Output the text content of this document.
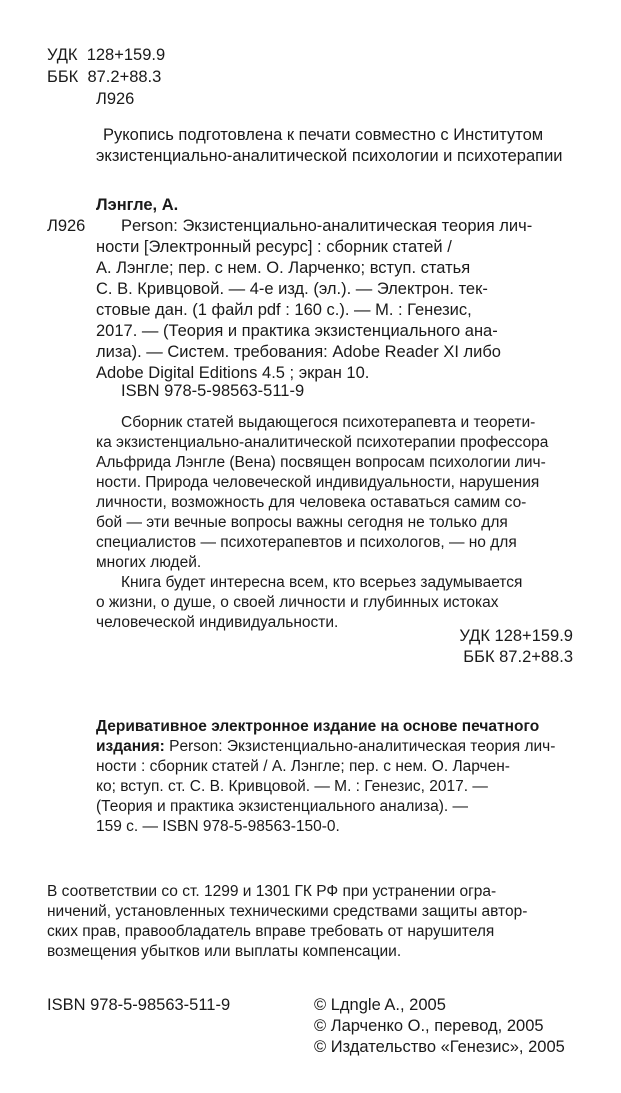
УДК 128+159.9
ББК 87.2+88.3
Л926
Рукопись подготовлена к печати совместно с Институтом
экзистенциально-аналитической психологии и психотерапии
Лэнгле, А.
Л926	Person: Экзистенциально-аналитическая теория лич-
ности [Электронный ресурс] : сборник статей /
А. Лэнгле; пер. с нем. О. Ларченко; вступ. статья
С. В. Кривцовой. — 4-е изд. (эл.). — Электрон. тек-
стовые дан. (1 файл pdf : 160 с.). — М. : Генезис,
2017. — (Теория и практика экзистенциального ана-
лиза). — Систем. требования: Adobe Reader XI либо
Adobe Digital Editions 4.5 ; экран 10.
ISBN 978-5-98563-511-9
Сборник статей выдающегося психотерапевта и теорети-
ка экзистенциально-аналитической психотерапии профессора
Альфрида Лэнгле (Вена) посвящен вопросам психологии лич-
ности. Природа человеческой индивидуальности, нарушения
личности, возможность для человека оставаться самим со-
бой — эти вечные вопросы важны сегодня не только для
специалистов — психотерапевтов и психологов, — но для
многих людей.
Книга будет интересна всем, кто всерьез задумывается
о жизни, о душе, о своей личности и глубинных истоках
человеческой индивидуальности.
УДК 128+159.9
ББК 87.2+88.3
Деривативное электронное издание на основе печатного
издания: Person: Экзистенциально-аналитическая теория лич-
ности : сборник статей / А. Лэнгле; пер. с нем. О. Ларчен-
ко; вступ. ст. С. В. Кривцовой. — М. : Генезис, 2017. —
(Теория и практика экзистенциального анализа). —
159 с. — ISBN 978-5-98563-150-0.
В соответствии со ст. 1299 и 1301 ГК РФ при устранении огра-
ничений, установленных техническими средствами защиты автор-
ских прав, правообладатель вправе требовать от нарушителя
возмещения убытков или выплаты компенсации.
ISBN 978-5-98563-511-9	© Lдngle A., 2005
© Ларченко О., перевод, 2005
© Издательство «Генезис», 2005
